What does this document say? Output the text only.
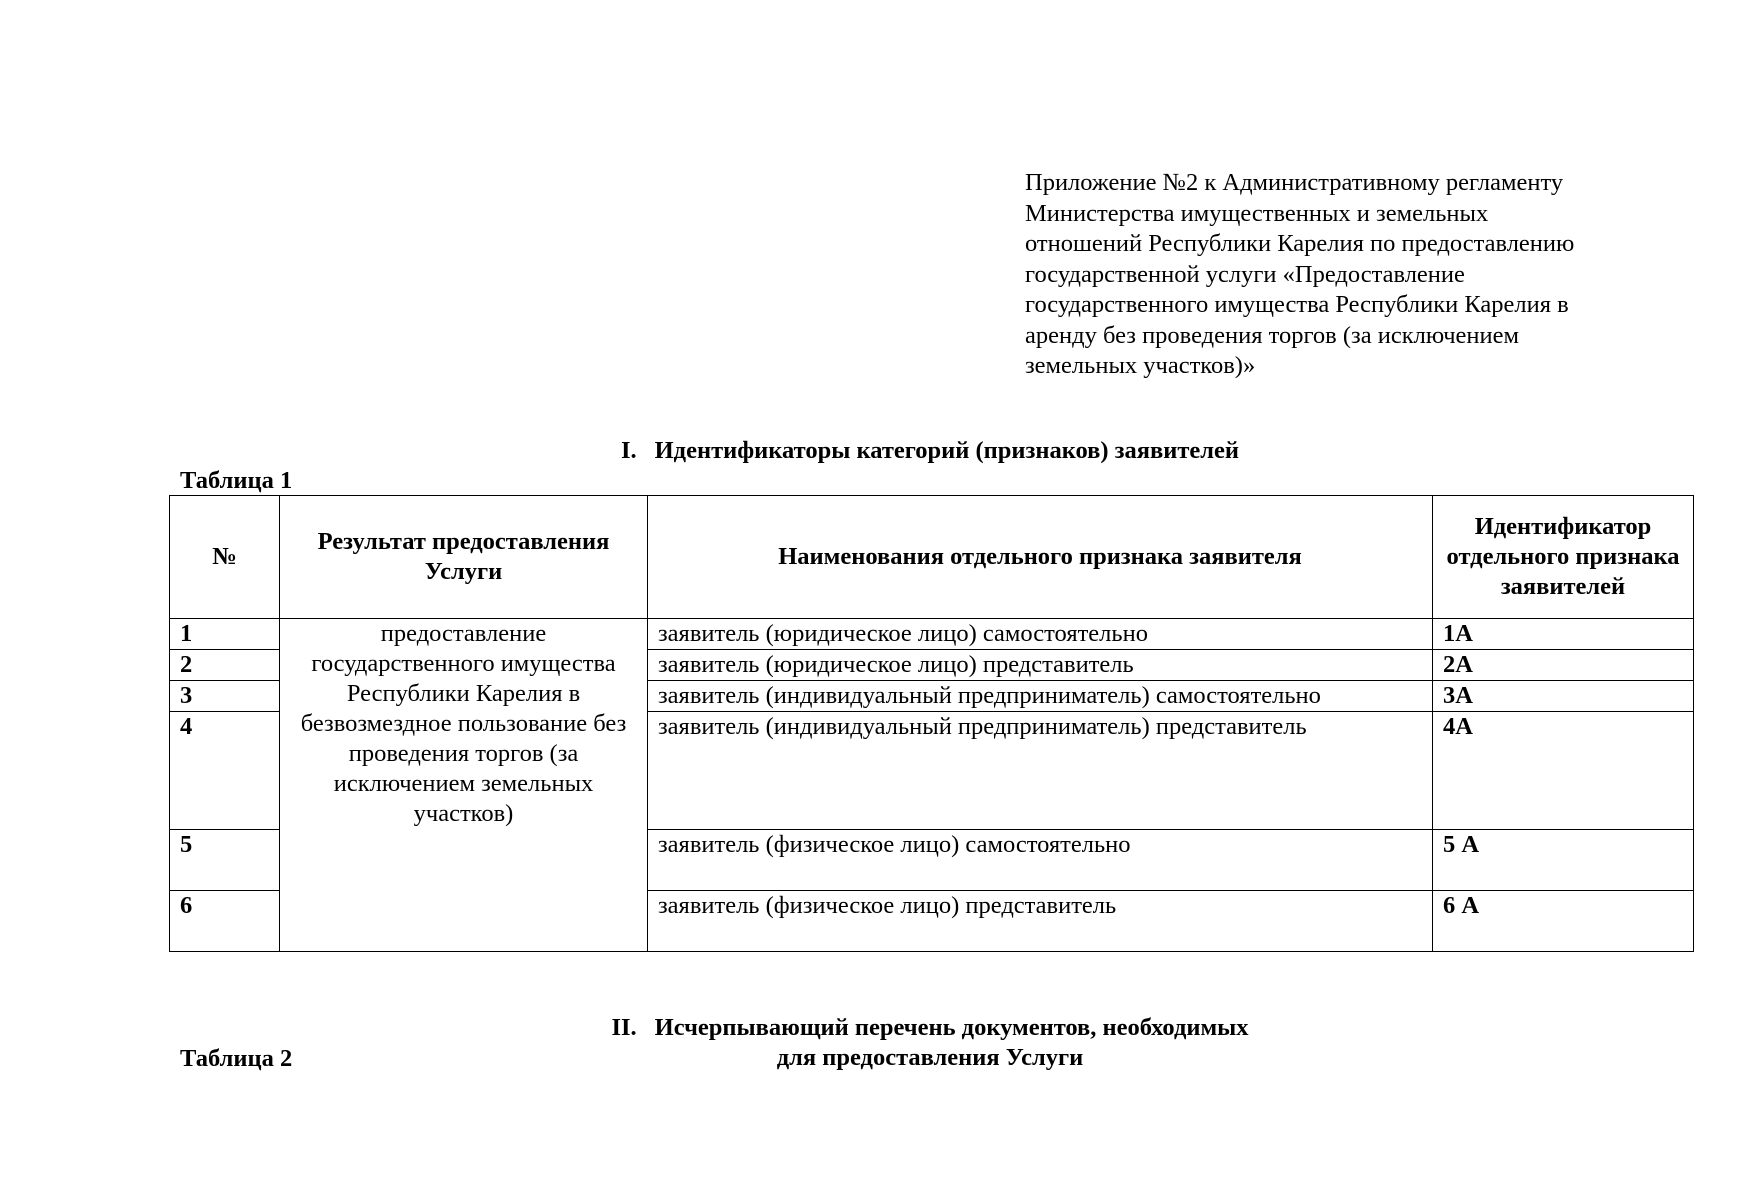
Приложение №2 к Административному регламенту
Министерства имущественных и земельных
отношений Республики Карелия по предоставлению
государственной услуги «Предоставление
государственного имущества Республики Карелия в
аренду без проведения торгов (за исключением
земельных участков)»

I. Идентификаторы категорий (признаков) заявителей

Таблица 1
№	Результат предоставления Услуги	Наименования отдельного признака заявителя	Идентификатор отдельного признака заявителей
1	предоставление государственного имущества Республики Карелия в безвозмездное пользование без проведения торгов (за исключением земельных участков)	заявитель (юридическое лицо) самостоятельно	1А
2		заявитель (юридическое лицо) представитель	2А
3		заявитель (индивидуальный предприниматель) самостоятельно	3А
4		заявитель (индивидуальный предприниматель) представитель	4А
5		заявитель (физическое лицо) самостоятельно	5 А
6		заявитель (физическое лицо) представитель	6 А

II. Исчерпывающий перечень документов, необходимых
для предоставления Услуги

Таблица 2
